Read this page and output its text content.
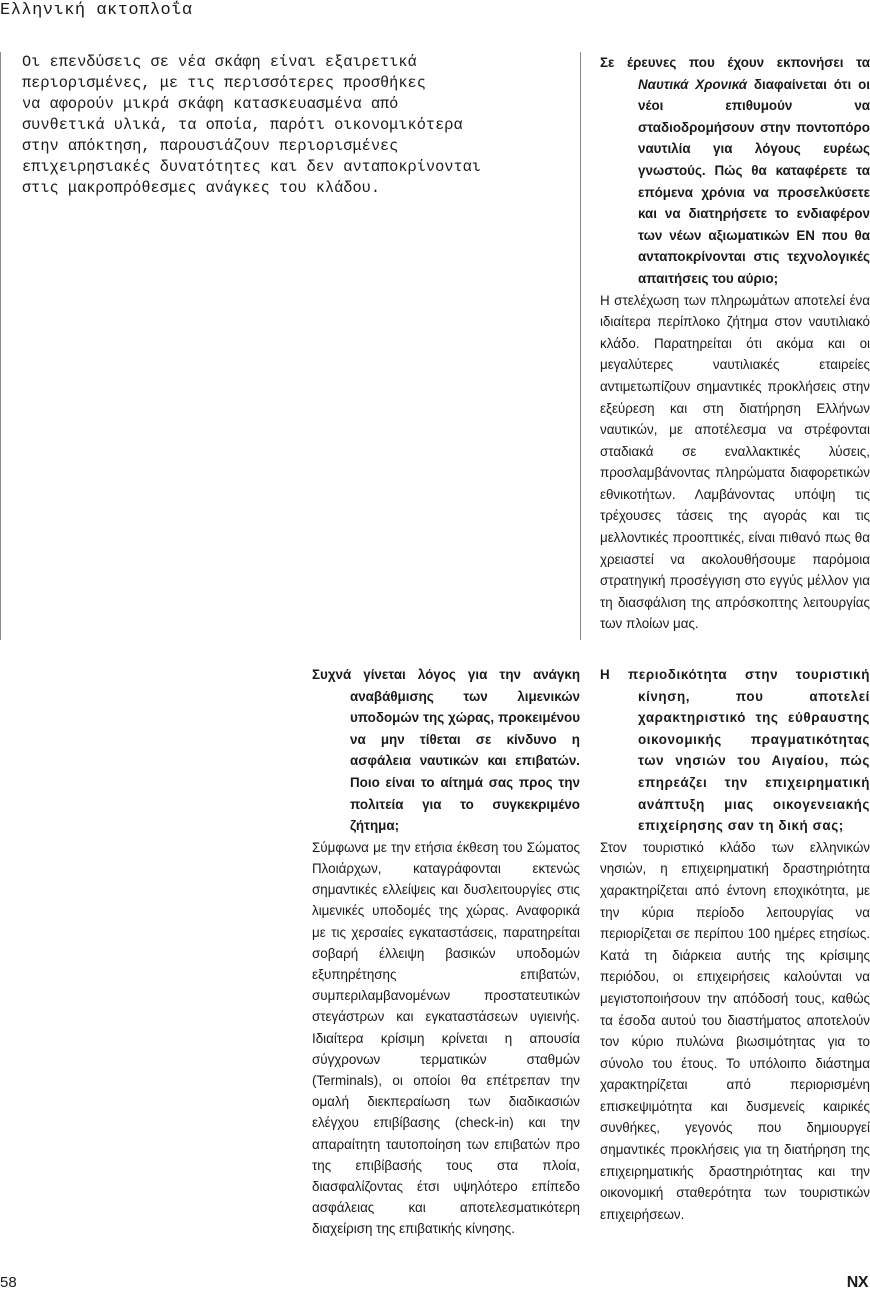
Ελληνική ακτοπλοΐα

Οι επενδύσεις σε νέα σκάφη είναι εξαιρετικά
περιορισμένες, με τις περισσότερες προσθήκες
να αφορούν μικρά σκάφη κατασκευασμένα από
συνθετικά υλικά, τα οποία, παρότι οικονομικότερα
στην απόκτηση, παρουσιάζουν περιορισμένες
επιχειρησιακές δυνατότητες και δεν ανταποκρίνονται
στις μακροπρόθεσμες ανάγκες του κλάδου.

Σε έρευνες που έχουν εκπονήσει τα Ναυτικά Χρονικά διαφαίνεται ότι οι νέοι επιθυμούν να σταδιοδρομήσουν στην ποντοπόρο ναυτιλία για λόγους ευρέως γνωστούς. Πώς θα καταφέρετε τα επόμενα χρόνια να προσελκύσετε και να διατηρήσετε το ενδιαφέρον των νέων αξιωματικών ΕΝ που θα ανταποκρίνονται στις τεχνολογικές απαιτήσεις του αύριο;

Η στελέχωση των πληρωμάτων αποτελεί ένα ιδιαίτερα περίπλοκο ζήτημα στον ναυτιλιακό κλάδο. Παρατηρείται ότι ακόμα και οι μεγαλύτερες ναυτιλιακές εταιρείες αντιμετωπίζουν σημαντικές προκλήσεις στην εξεύρεση και στη διατήρηση Ελλήνων ναυτικών, με αποτέλεσμα να στρέφονται σταδιακά σε εναλλακτικές λύσεις, προσλαμβάνοντας πληρώματα διαφορετικών εθνικοτήτων. Λαμβάνοντας υπόψη τις τρέχουσες τάσεις της αγοράς και τις μελλοντικές προοπτικές, είναι πιθανό πως θα χρειαστεί να ακολουθήσουμε παρόμοια στρατηγική προσέγγιση στο εγγύς μέλλον για τη διασφάλιση της απρόσκοπτης λειτουργίας των πλοίων μας.

Συχνά γίνεται λόγος για την ανάγκη αναβάθμισης των λιμενικών υποδομών της χώρας, προκειμένου να μην τίθεται σε κίνδυνο η ασφάλεια ναυτικών και επιβατών. Ποιο είναι το αίτημά σας προς την πολιτεία για το συγκεκριμένο ζήτημα;

Σύμφωνα με την ετήσια έκθεση του Σώματος Πλοιάρχων, καταγράφονται εκτενώς σημαντικές ελλείψεις και δυσλειτουργίες στις λιμενικές υποδομές της χώρας. Αναφορικά με τις χερσαίες εγκαταστάσεις, παρατηρείται σοβαρή έλλειψη βασικών υποδομών εξυπηρέτησης επιβατών, συμπεριλαμβανομένων προστατευτικών στεγάστρων και εγκαταστάσεων υγιεινής. Ιδιαίτερα κρίσιμη κρίνεται η απουσία σύγχρονων τερματικών σταθμών (Terminals), οι οποίοι θα επέτρεπαν την ομαλή διεκπεραίωση των διαδικασιών ελέγχου επιβίβασης (check-in) και την απαραίτητη ταυτοποίηση των επιβατών προ της επιβίβασής τους στα πλοία, διασφαλίζοντας έτσι υψηλότερο επίπεδο ασφάλειας και αποτελεσματικότερη διαχείριση της επιβατικής κίνησης.

Η περιοδικότητα στην τουριστική κίνηση, που αποτελεί χαρακτηριστικό της εύθραυστης οικονομικής πραγματικότητας των νησιών του Αιγαίου, πώς επηρεάζει την επιχειρηματική ανάπτυξη μιας οικογενειακής επιχείρησης σαν τη δική σας;

Στον τουριστικό κλάδο των ελληνικών νησιών, η επιχειρηματική δραστηριότητα χαρακτηρίζεται από έντονη εποχικότητα, με την κύρια περίοδο λειτουργίας να περιορίζεται σε περίπου 100 ημέρες ετησίως. Κατά τη διάρκεια αυτής της κρίσιμης περιόδου, οι επιχειρήσεις καλούνται να μεγιστοποιήσουν την απόδοσή τους, καθώς τα έσοδα αυτού του διαστήματος αποτελούν τον κύριο πυλώνα βιωσιμότητας για το σύνολο του έτους. Το υπόλοιπο διάστημα χαρακτηρίζεται από περιορισμένη επισκεψιμότητα και δυσμενείς καιρικές συνθήκες, γεγονός που δημιουργεί σημαντικές προκλήσεις για τη διατήρηση της επιχειρηματικής δραστηριότητας και την οικονομική σταθερότητα των τουριστικών επιχειρήσεων.

58	NX
